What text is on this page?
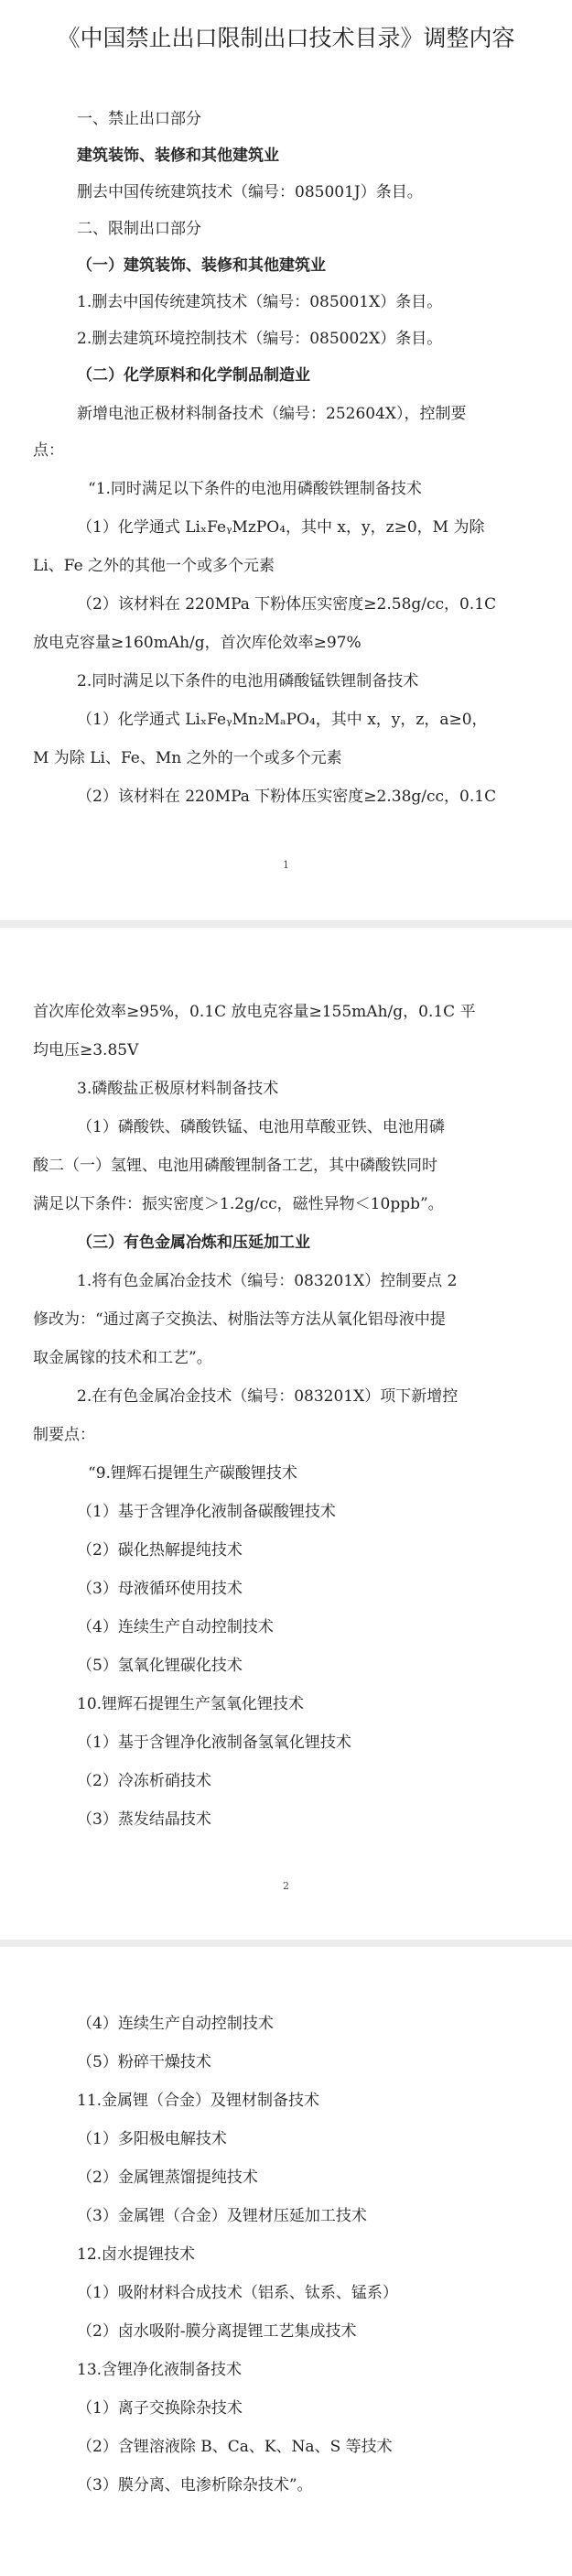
《中国禁止出口限制出口技术目录》调整内容
一、禁止出口部分
建筑装饰、装修和其他建筑业
删去中国传统建筑技术（编号：085001J）条目。
二、限制出口部分
（一）建筑装饰、装修和其他建筑业
1.删去中国传统建筑技术（编号：085001X）条目。
2.删去建筑环境控制技术（编号：085002X）条目。
（二）化学原料和化学制品制造业
新增电池正极材料制备技术（编号：252604X），控制要
点：
“1.同时满足以下条件的电池用磷酸铁锂制备技术
（1）化学通式 LiₓFeᵧMzPO₄，其中 x，y，z≥0，M 为除
Li、Fe 之外的其他一个或多个元素
（2）该材料在 220MPa 下粉体压实密度≥2.58g/cc，0.1C
放电克容量≥160mAh/g，首次库伦效率≥97%
2.同时满足以下条件的电池用磷酸锰铁锂制备技术
（1）化学通式 LiₓFeᵧMn₂MₐPO₄，其中 x，y，z，a≥0，
M 为除 Li、Fe、Mn 之外的一个或多个元素
（2）该材料在 220MPa 下粉体压实密度≥2.38g/cc，0.1C
1
首次库伦效率≥95%，0.1C 放电克容量≥155mAh/g，0.1C 平
均电压≥3.85V
3.磷酸盐正极原材料制备技术
（1）磷酸铁、磷酸铁锰、电池用草酸亚铁、电池用磷
酸二（一）氢锂、电池用磷酸锂制备工艺，其中磷酸铁同时
满足以下条件：振实密度＞1.2g/cc，磁性异物＜10ppb”。
（三）有色金属冶炼和压延加工业
1.将有色金属冶金技术（编号：083201X）控制要点 2
修改为：“通过离子交换法、树脂法等方法从氧化铝母液中提
取金属镓的技术和工艺”。
2.在有色金属冶金技术（编号：083201X）项下新增控
制要点：
“9.锂辉石提锂生产碳酸锂技术
（1）基于含锂净化液制备碳酸锂技术
（2）碳化热解提纯技术
（3）母液循环使用技术
（4）连续生产自动控制技术
（5）氢氧化锂碳化技术
10.锂辉石提锂生产氢氧化锂技术
（1）基于含锂净化液制备氢氧化锂技术
（2）冷冻析硝技术
（3）蒸发结晶技术
2
（4）连续生产自动控制技术
（5）粉碎干燥技术
11.金属锂（合金）及锂材制备技术
（1）多阳极电解技术
（2）金属锂蒸馏提纯技术
（3）金属锂（合金）及锂材压延加工技术
12.卤水提锂技术
（1）吸附材料合成技术（铝系、钛系、锰系）
（2）卤水吸附-膜分离提锂工艺集成技术
13.含锂净化液制备技术
（1）离子交换除杂技术
（2）含锂溶液除 B、Ca、K、Na、S 等技术
（3）膜分离、电渗析除杂技术”。
